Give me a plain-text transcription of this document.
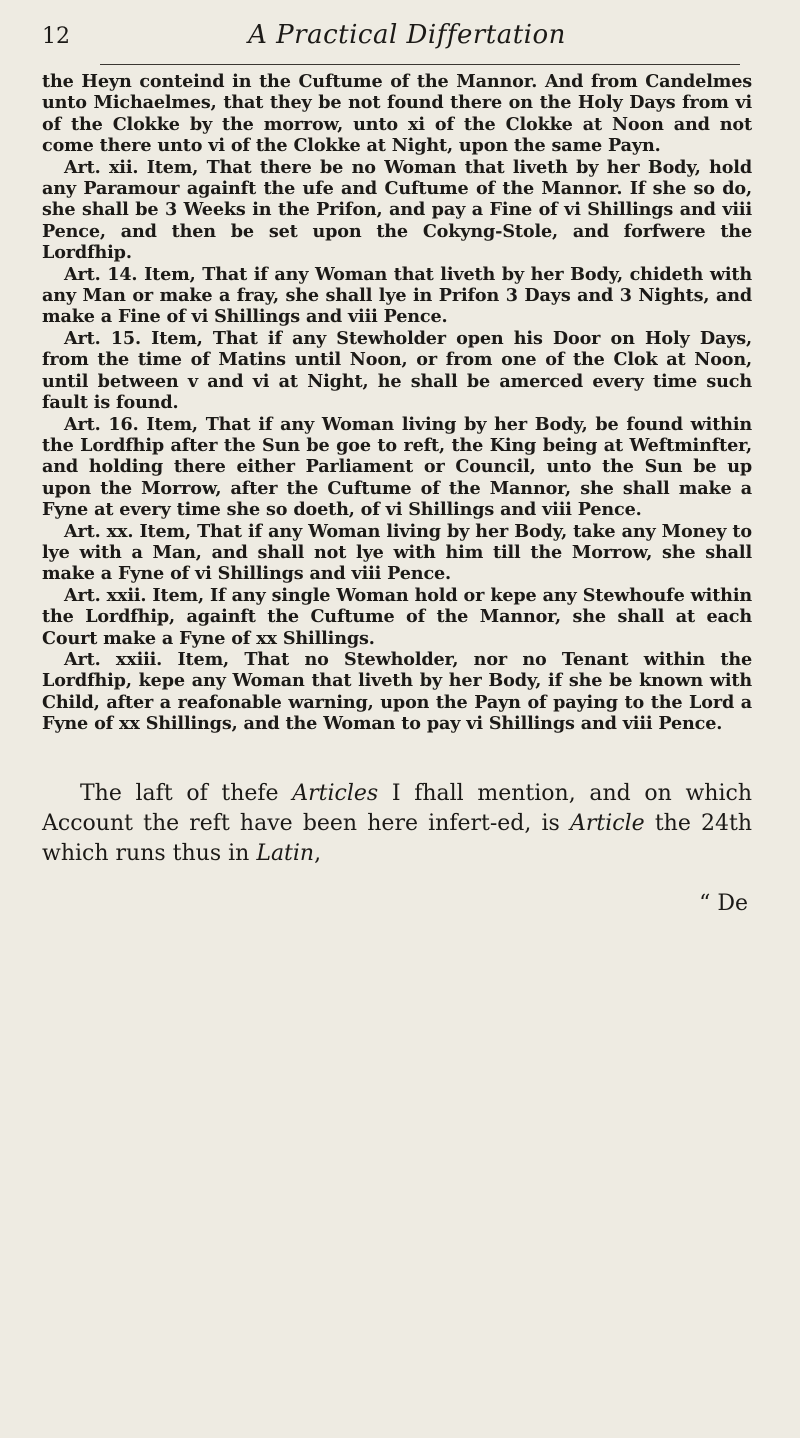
12	A Practical Differtation

the Heyn conteind in the Cuftume of the Mannor. And from Candelmes unto Michaelmes, that they be not found there on the Holy Days from vi of the Clokke by the morrow, unto xi of the Clokke at Noon and not come there unto vi of the Clokke at Night, upon the same Payn.

Art. xii. Item, That there be no Woman that liveth by her Body, hold any Paramour againft the ufe and Cuftume of the Mannor. If she so do, she shall be 3 Weeks in the Prifon, and pay a Fine of vi Shillings and viii Pence, and then be set upon the Cokyng-Stole, and forfwere the Lordfhip.

Art. 14. Item, That if any Woman that liveth by her Body, chideth with any Man or make a fray, she shall lye in Prifon 3 Days and 3 Nights, and make a Fine of vi Shillings and viii Pence.

Art. 15. Item, That if any Stewholder open his Door on Holy Days, from the time of Matins until Noon, or from one of the Clok at Noon, until between v and vi at Night, he shall be amerced every time such fault is found.

Art. 16. Item, That if any Woman living by her Body, be found within the Lordfhip after the Sun be goe to reft, the King being at Weftminfter, and holding there either Parliament or Council, unto the Sun be up upon the Morrow, after the Cuftume of the Mannor, she shall make a Fyne at every time she so doeth, of vi Shillings and viii Pence.

Art. xx. Item, That if any Woman living by her Body, take any Money to lye with a Man, and shall not lye with him till the Morrow, she shall make a Fyne of vi Shillings and viii Pence.

Art. xxii. Item, If any single Woman hold or kepe any Stewhoufe within the Lordfhip, againft the Cuftume of the Mannor, she shall at each Court make a Fyne of xx Shillings.

Art. xxiii. Item, That no Stewholder, nor no Tenant within the Lordfhip, kepe any Woman that liveth by her Body, if she be known with Child, after a reafonable warning, upon the Payn of paying to the Lord a Fyne of xx Shillings, and the Woman to pay vi Shillings and viii Pence.

The laft of thefe Articles I fhall mention, and on which Account the reft have been here infert-ed, is Article the 24th which runs thus in Latin,

“ De
